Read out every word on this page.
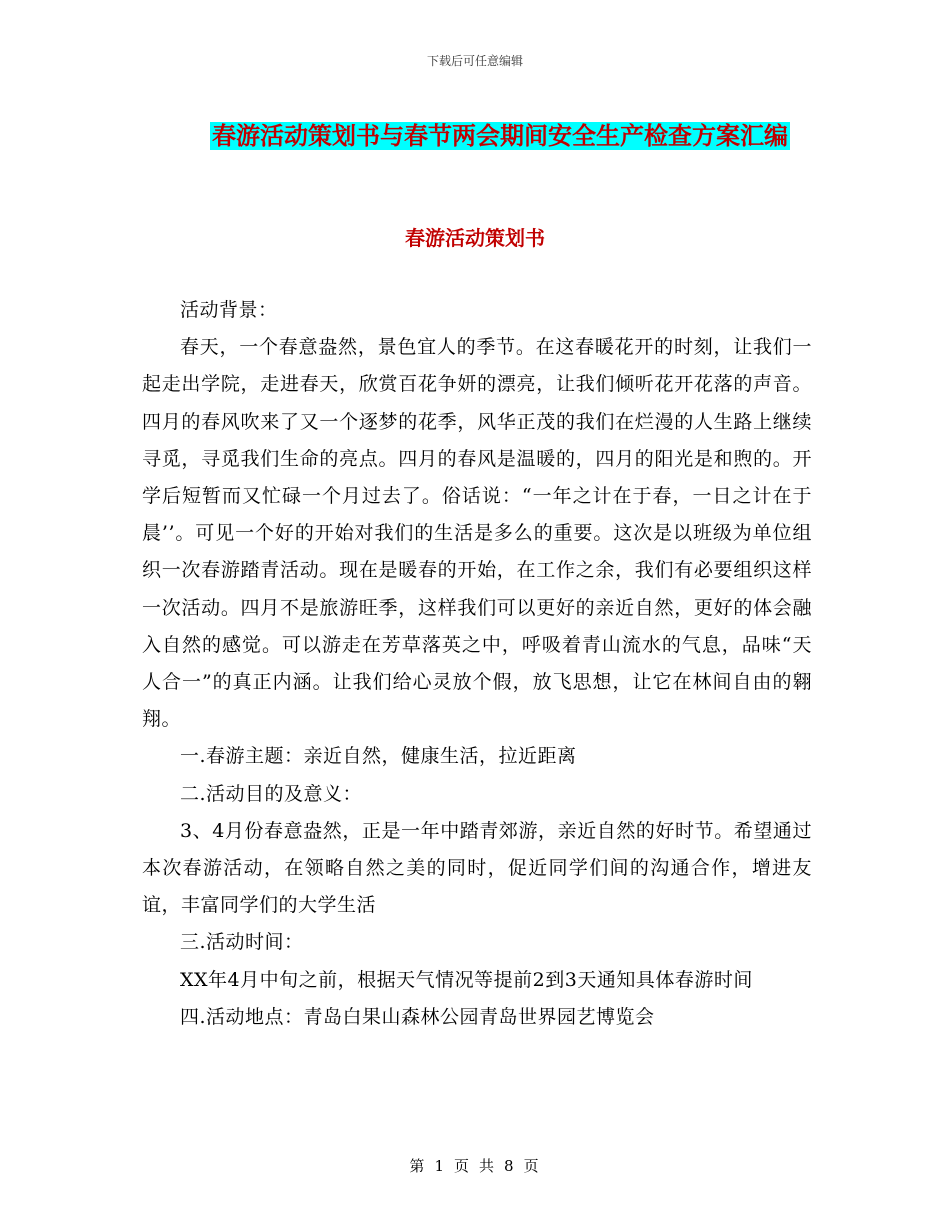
下载后可任意编辑
春游活动策划书与春节两会期间安全生产检查方案汇编
春游活动策划书

活动背景：

春天，一个春意盎然，景色宜人的季节。在这春暖花开的时刻，让我们一起走出学院，走进春天，欣赏百花争妍的漂亮，让我们倾听花开花落的声音。四月的春风吹来了又一个逐梦的花季，风华正茂的我们在烂漫的人生路上继续寻觅，寻觅我们生命的亮点。四月的春风是温暖的，四月的阳光是和煦的。开学后短暂而又忙碌一个月过去了。俗话说：“一年之计在于春，一日之计在于晨’’。可见一个好的开始对我们的生活是多么的重要。这次是以班级为单位组织一次春游踏青活动。现在是暖春的开始，在工作之余，我们有必要组织这样一次活动。四月不是旅游旺季，这样我们可以更好的亲近自然，更好的体会融入自然的感觉。可以游走在芳草落英之中，呼吸着青山流水的气息，品味“天人合一”的真正内涵。让我们给心灵放个假，放飞思想，让它在林间自由的翱翔。

一.春游主题：亲近自然，健康生活，拉近距离

二.活动目的及意义：

3、4月份春意盎然，正是一年中踏青郊游，亲近自然的好时节。希望通过本次春游活动，在领略自然之美的同时，促近同学们间的沟通合作，增进友谊，丰富同学们的大学生活

三.活动时间：

XX年4月中旬之前，根据天气情况等提前2到3天通知具体春游时间

四.活动地点：青岛白果山森林公园青岛世界园艺博览会

第 1 页 共 8 页
